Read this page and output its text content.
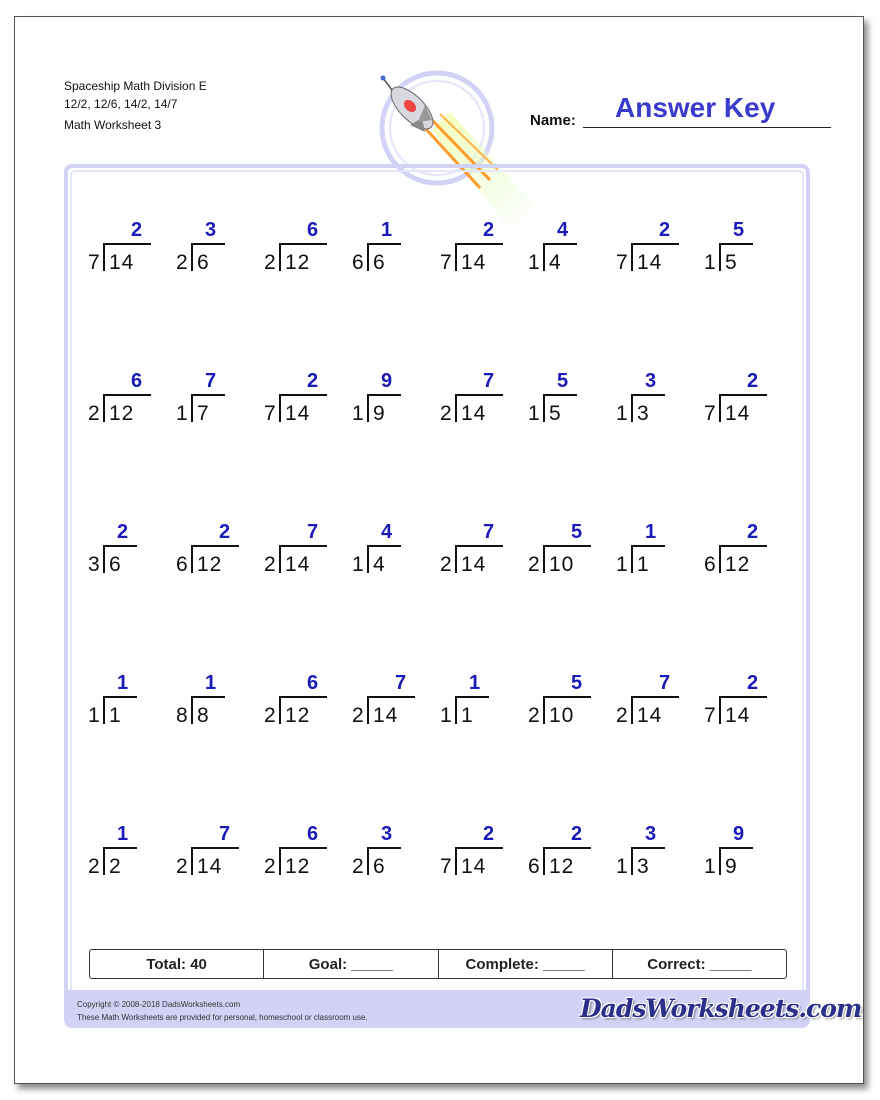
Spaceship Math Division E
12/2, 12/6, 14/2, 14/7
Math Worksheet 3	Name: Answer Key
2
7 14
3
2 6
6
2 12
1
6 6
2
7 14
4
1 4
2
7 14
5
1 5
6
2 12
7
1 7
2
7 14
9
1 9
7
2 14
5
1 5
3
1 3
2
7 14
2
3 6
2
6 12
7
2 14
4
1 4
7
2 14
5
2 10
1
1 1
2
6 12
1
1 1
1
8 8
6
2 12
7
2 14
1
1 1
5
2 10
7
2 14
2
7 14
1
2 2
7
2 14
6
2 12
3
2 6
2
7 14
2
6 12
3
1 3
9
1 9
Total: 40	Goal: _____	Complete: _____	Correct: _____
Copyright © 2008-2018 DadsWorksheets.com
These Math Worksheets are provided for personal, homeschool or classroom use.	DadsWorksheets.com
